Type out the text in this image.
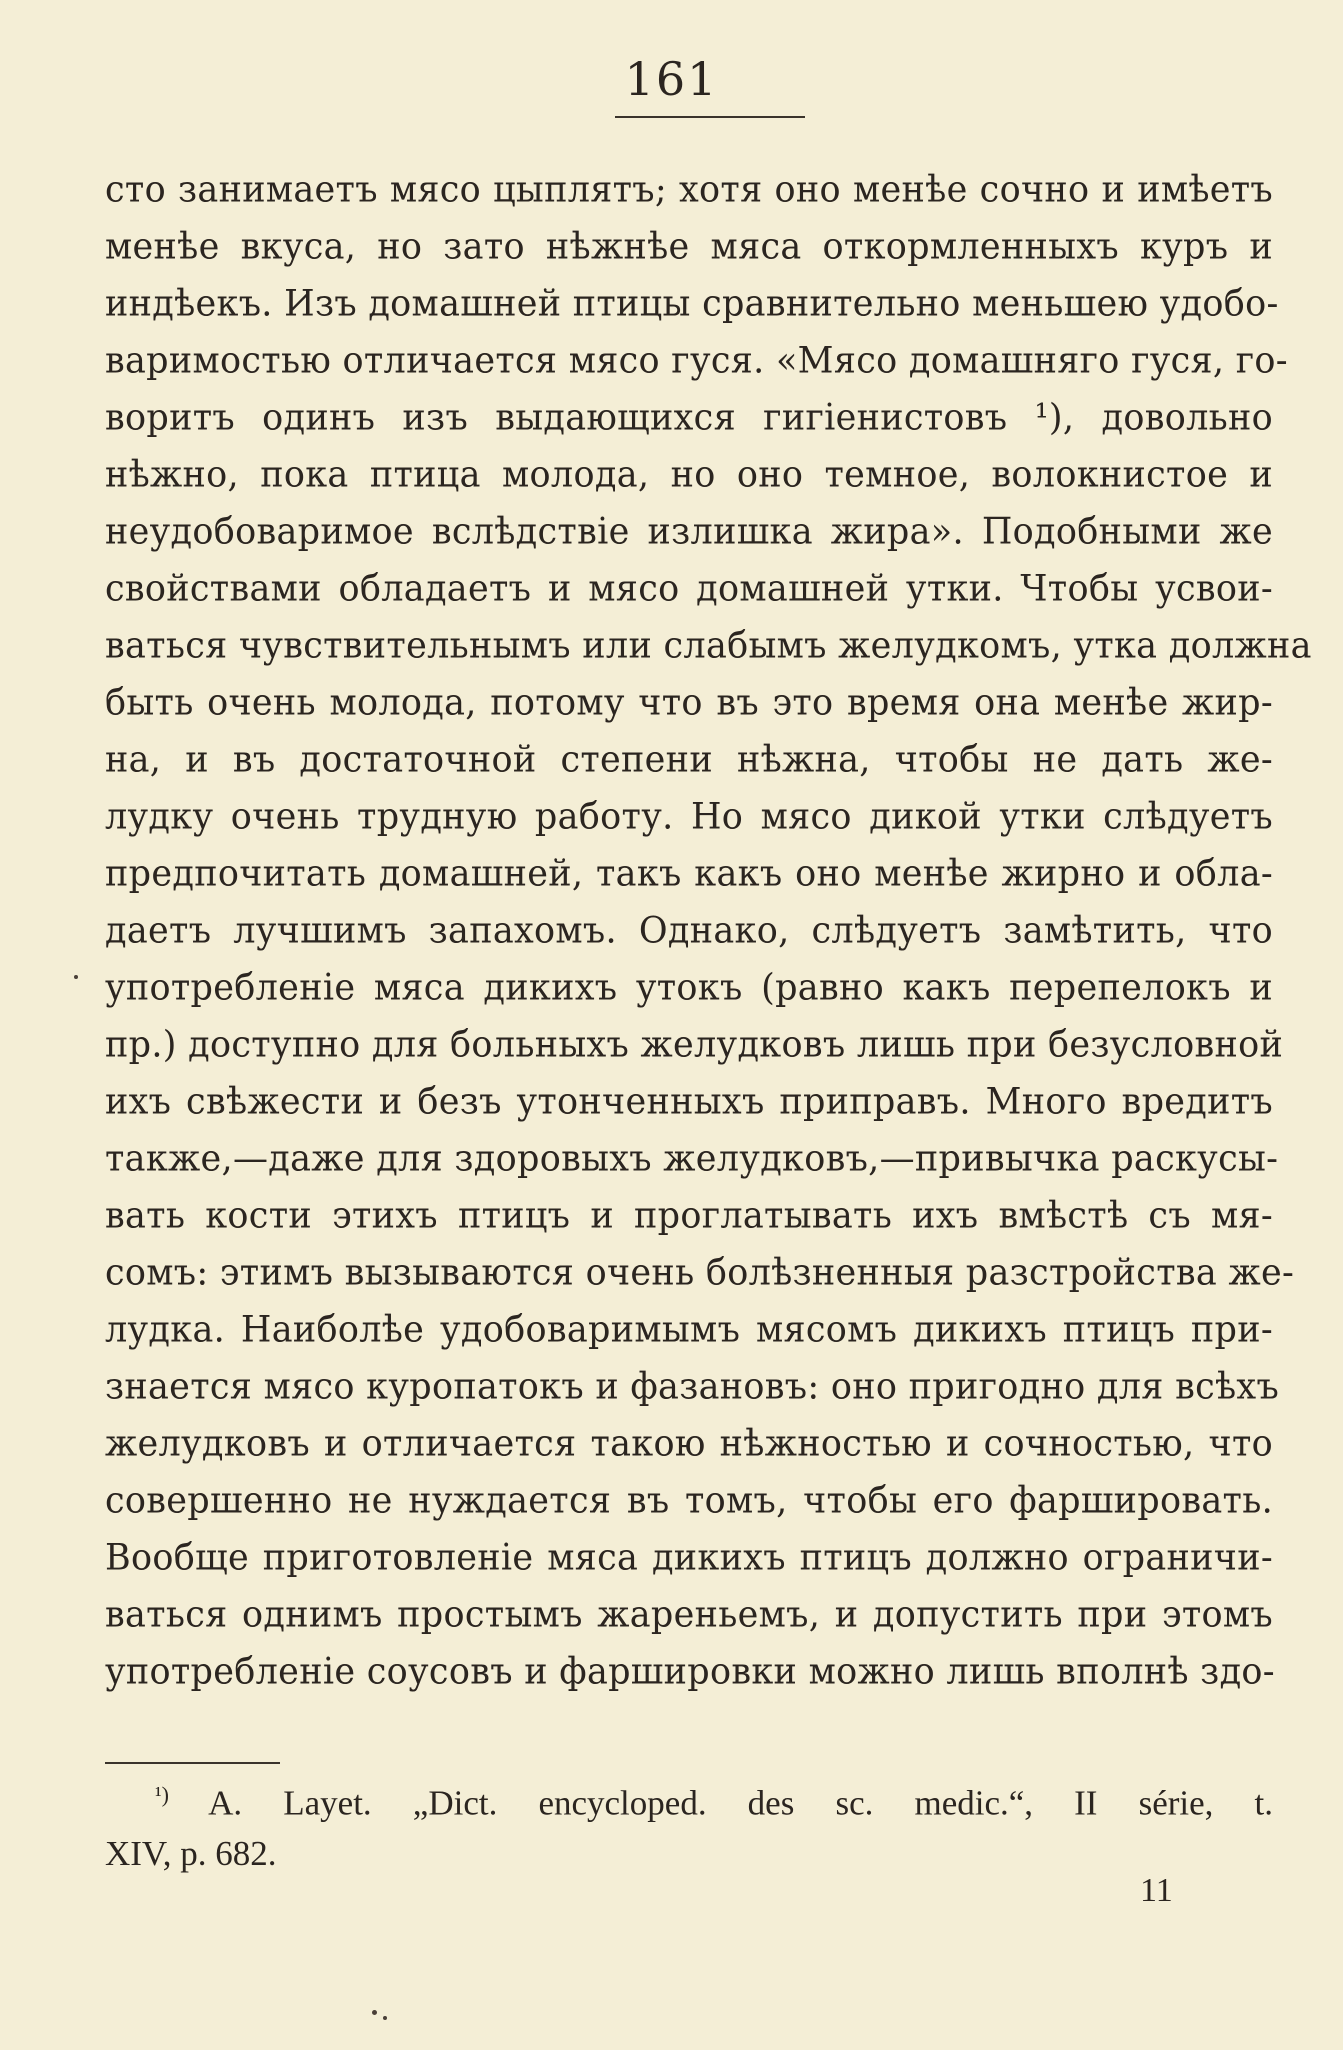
161
сто занимаетъ мясо цыплятъ; хотя оно менѣе сочно и имѣетъ
менѣе вкуса, но зато нѣжнѣе мяса откормленныхъ куръ и
индѣекъ. Изъ домашней птицы сравнительно меньшею удобо-
варимостью отличается мясо гуся. «Мясо домашняго гуся, го-
воритъ одинъ изъ выдающихся гигіенистовъ ¹), довольно
нѣжно, пока птица молода, но оно темное, волокнистое и
неудобоваримое вслѣдствіе излишка жира». Подобными же
свойствами обладаетъ и мясо домашней утки. Чтобы усвои-
ваться чувствительнымъ или слабымъ желудкомъ, утка должна
быть очень молода, потому что въ это время она менѣе жир-
на, и въ достаточной степени нѣжна, чтобы не дать же-
лудку очень трудную работу. Но мясо дикой утки слѣдуетъ
предпочитать домашней, такъ какъ оно менѣе жирно и обла-
даетъ лучшимъ запахомъ. Однако, слѣдуетъ замѣтить, что
употребленіе мяса дикихъ утокъ (равно какъ перепелокъ и
пр.) доступно для больныхъ желудковъ лишь при безусловной
ихъ свѣжести и безъ утонченныхъ приправъ. Много вредитъ
также,—даже для здоровыхъ желудковъ,—привычка раскусы-
вать кости этихъ птицъ и проглатывать ихъ вмѣстѣ съ мя-
сомъ: этимъ вызываются очень болѣзненныя разстройства же-
лудка. Наиболѣе удобоваримымъ мясомъ дикихъ птицъ при-
знается мясо куропатокъ и фазановъ: оно пригодно для всѣхъ
желудковъ и отличается такою нѣжностью и сочностью, что
совершенно не нуждается въ томъ, чтобы его фаршировать.
Вообще приготовленіе мяса дикихъ птицъ должно ограничи-
ваться однимъ простымъ жареньемъ, и допустить при этомъ
употребленіе соусовъ и фаршировки можно лишь вполнѣ здо-
$^{^1)}$ A. Layet. „Dict. encycloped. des sc. medic.“, II série, t.
XIV, p. 682.
11
